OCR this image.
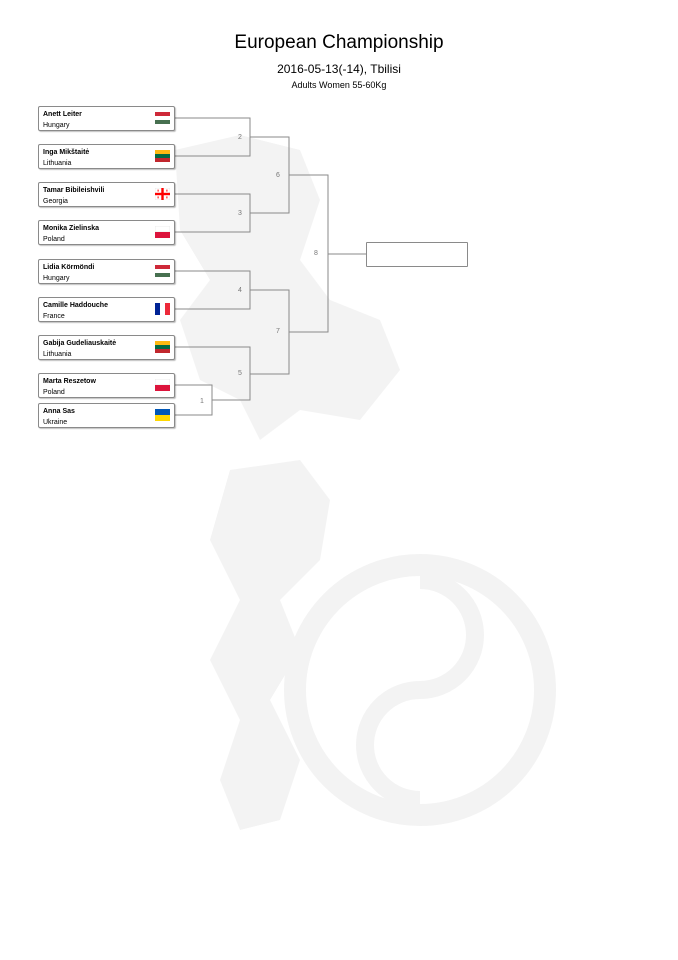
European Championship
2016-05-13(-14), Tbilisi
Adults Women 55-60Kg
2
3
4
5
1
6
7
8
Anett Leiter
Hungary
Inga Mikštaitė
Lithuania
Tamar Bibileishvili
Georgia
Monika Zielinska
Poland
Lidia Körmöndi
Hungary
Camille Haddouche
France
Gabija Gudeliauskaitė
Lithuania
Marta Reszetow
Poland
Anna Sas
Ukraine
